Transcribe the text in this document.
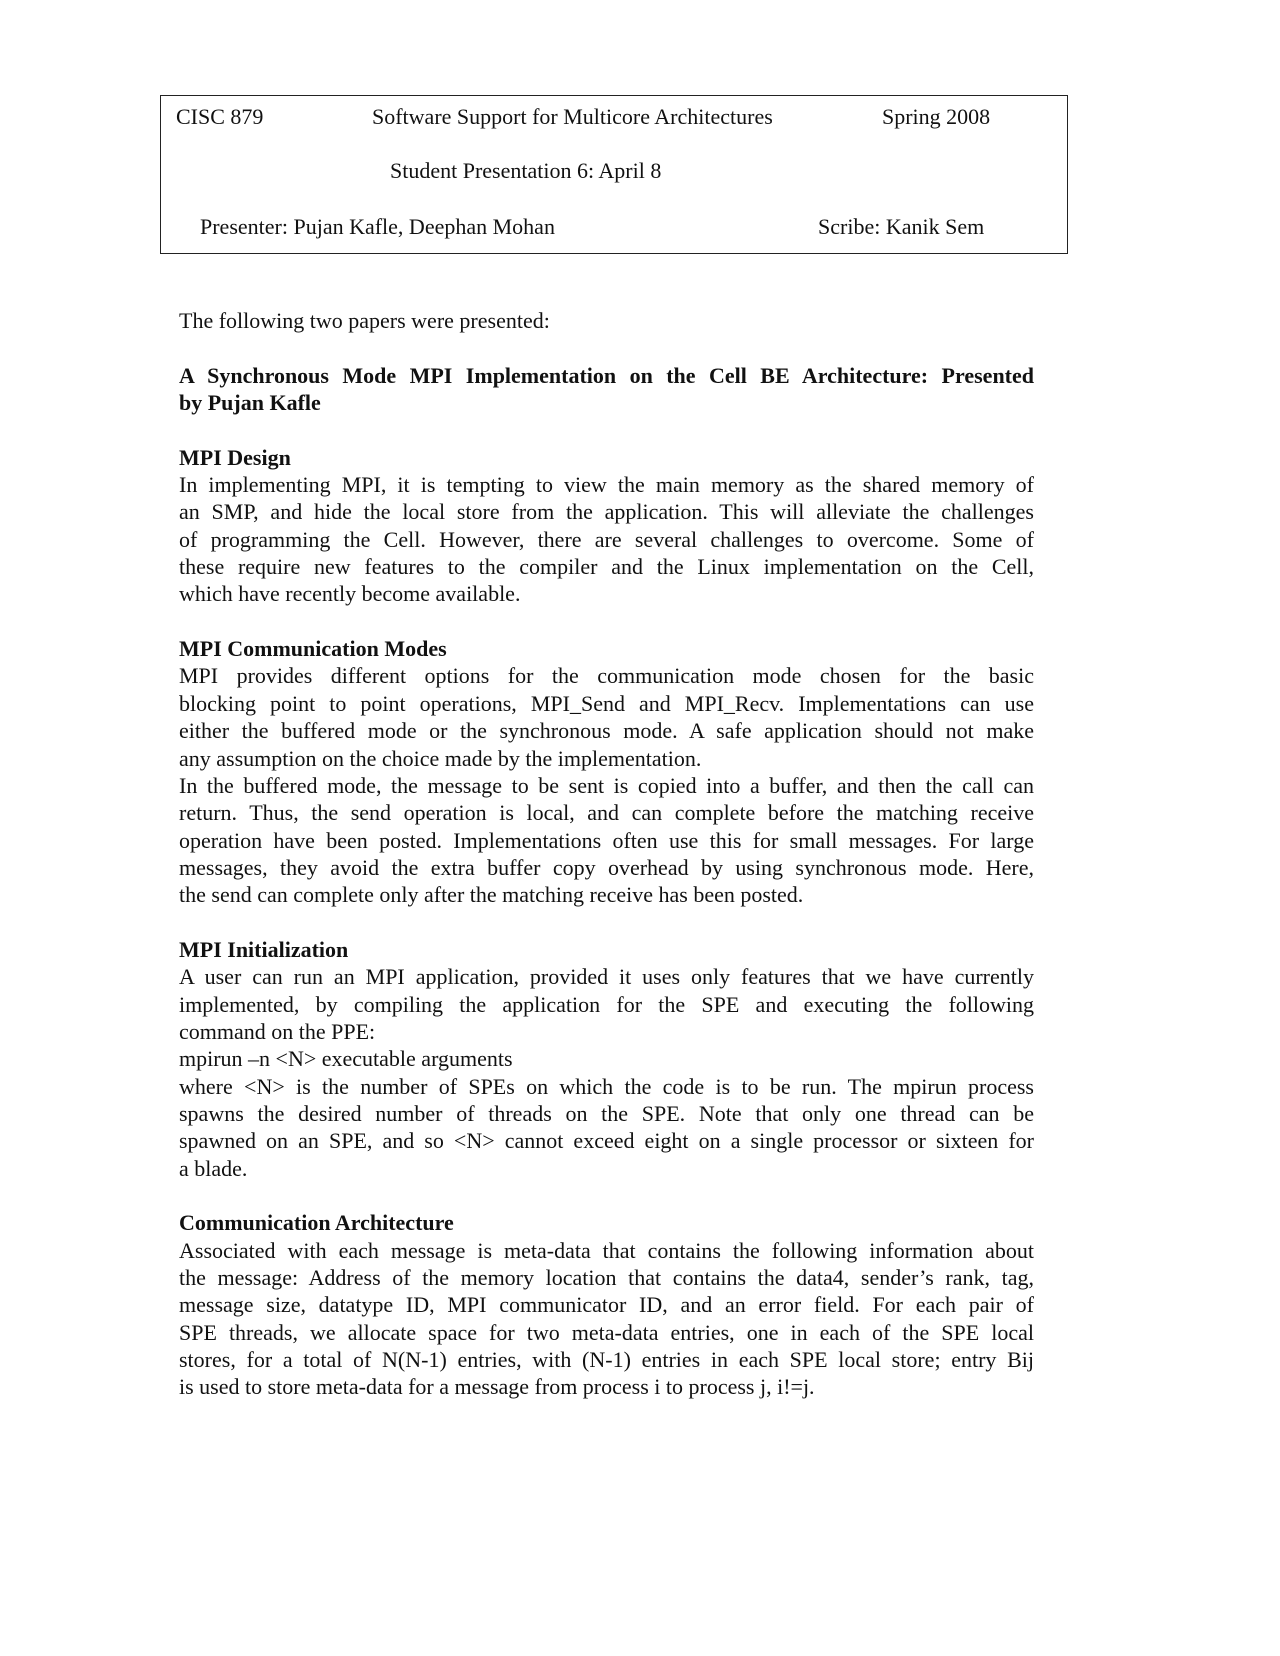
CISC 879	Software Support for Multicore Architectures	Spring 2008
Student Presentation 6: April 8
Presenter: Pujan Kafle, Deephan Mohan	Scribe: Kanik Sem
The following two papers were presented:
A Synchronous Mode MPI Implementation on the Cell BE Architecture: Presented
by Pujan Kafle
MPI Design
In implementing MPI, it is tempting to view the main memory as the shared memory of
an SMP, and hide the local store from the application. This will alleviate the challenges
of programming the Cell. However, there are several challenges to overcome. Some of
these require new features to the compiler and the Linux implementation on the Cell,
which have recently become available.
MPI Communication Modes
MPI provides different options for the communication mode chosen for the basic
blocking point to point operations, MPI_Send and MPI_Recv. Implementations can use
either the buffered mode or the synchronous mode. A safe application should not make
any assumption on the choice made by the implementation.
In the buffered mode, the message to be sent is copied into a buffer, and then the call can
return. Thus, the send operation is local, and can complete before the matching receive
operation have been posted. Implementations often use this for small messages. For large
messages, they avoid the extra buffer copy overhead by using synchronous mode. Here,
the send can complete only after the matching receive has been posted.
MPI Initialization
A user can run an MPI application, provided it uses only features that we have currently
implemented, by compiling the application for the SPE and executing the following
command on the PPE:
mpirun –n <N> executable arguments
where <N> is the number of SPEs on which the code is to be run. The mpirun process
spawns the desired number of threads on the SPE. Note that only one thread can be
spawned on an SPE, and so <N> cannot exceed eight on a single processor or sixteen for
a blade.
Communication Architecture
Associated with each message is meta-data that contains the following information about
the message: Address of the memory location that contains the data4, sender’s rank, tag,
message size, datatype ID, MPI communicator ID, and an error field. For each pair of
SPE threads, we allocate space for two meta-data entries, one in each of the SPE local
stores, for a total of N(N-1) entries, with (N-1) entries in each SPE local store; entry Bij
is used to store meta-data for a message from process i to process j, i!=j.
